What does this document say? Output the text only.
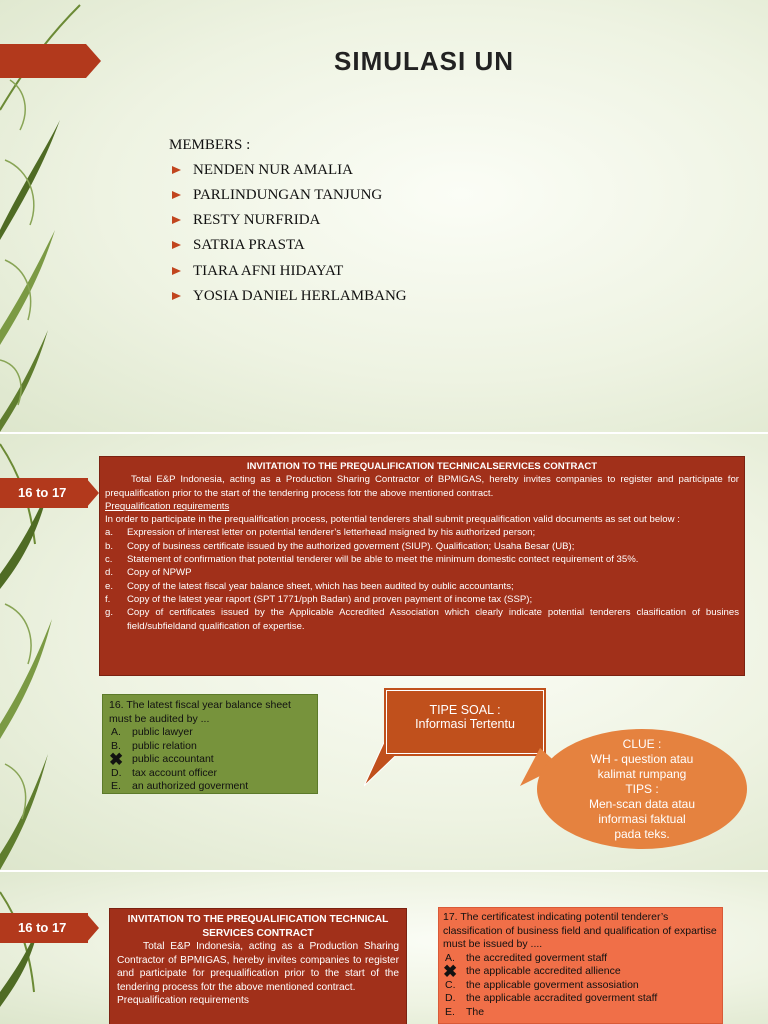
SIMULASI UN
MEMBERS :
NENDEN NUR AMALIA
PARLINDUNGAN TANJUNG
RESTY NURFRIDA
SATRIA PRASTA
TIARA AFNI HIDAYAT
YOSIA DANIEL HERLAMBANG
16 to 17
INVITATION TO THE PREQUALIFICATION TECHNICALSERVICES CONTRACT

Total E&P Indonesia, acting as a Production Sharing Contractor of BPMIGAS, hereby invites companies to register and participate for prequalification prior to the start of the tendering process fotr the above mentioned contract.

Prequalification requirements

In order to participate in the prequalification process, potential tenderers shall submit prequalification valid documents as set out below :

a. Expression of interest letter on potential tenderer’s letterhead msigned by his authorized person;
b. Copy of business certificate issued by the authorized goverment (SIUP). Qualification; Usaha Besar (UB);
c. Statement of confirmation that potential tenderer will be able to meet the minimum domestic contect requirement of 35%.
d. Copy of NPWP
e. Copy of the latest fiscal year balance sheet, which has been audited by oublic accountants;
f. Copy of the latest year raport (SPT 1771/pph Badan) and proven payment of income tax (SSP);
g. Copy of certificates issued by the Applicable Accredited Association which clearly indicate potential tenderers clasification of busines field/subfieldand qualification of expertise.
16. The latest fiscal year balance sheet must be audited by ...
A. public lawyer
B. public relation
✖ public accountant
D. tax account officer
E. an authorized goverment
TIPE SOAL :
Informasi Tertentu
CLUE :
WH - question atau
kalimat rumpang
TIPS :
Men-scan data atau
informasi faktual
pada teks.
16 to 17
INVITATION TO THE PREQUALIFICATION TECHNICAL
SERVICES CONTRACT

Total E&P Indonesia, acting as a Production Sharing Contractor of BPMIGAS, hereby invites companies to register and participate for prequalification prior to the start of the tendering process fotr the above mentioned contract.

Prequalification requirements
17. The certificatest indicating potentil tenderer’s classification of business field and qualification of expartise must be issued by ....
A. the accredited goverment staff
✖ the applicable accredited allience
C. the applicable goverment assosiation
D. the applicable accradited goverment staff
E. The
